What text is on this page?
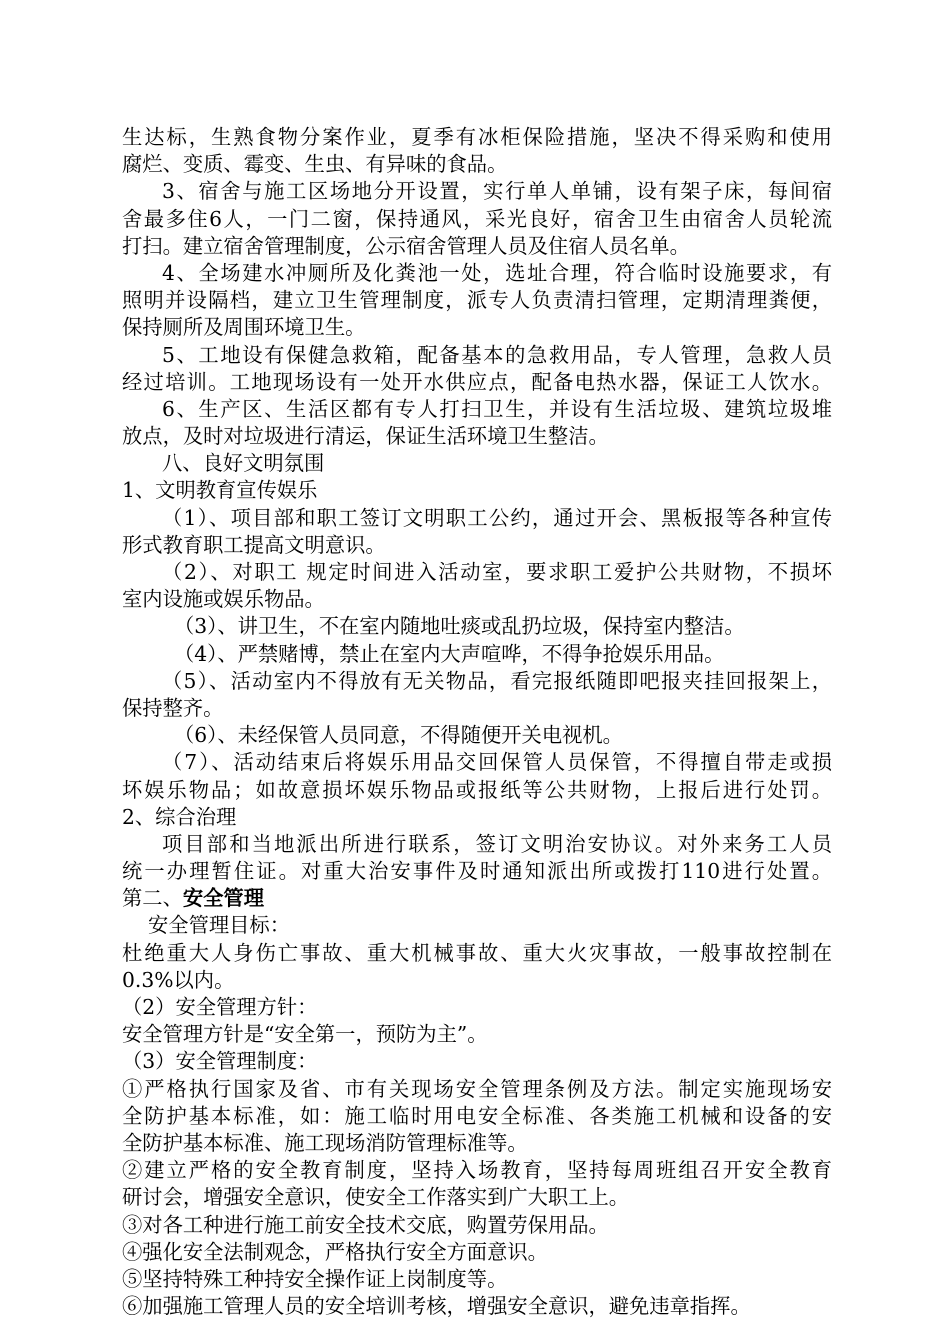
生达标，生熟食物分案作业，夏季有冰柜保险措施，坚决不得采购和使用
腐烂、变质、霉变、生虫、有异味的食品。
3、宿舍与施工区场地分开设置，实行单人单铺，设有架子床，每间宿
舍最多住6人，一门二窗，保持通风，采光良好，宿舍卫生由宿舍人员轮流
打扫。建立宿舍管理制度，公示宿舍管理人员及住宿人员名单。
4、全场建水冲厕所及化粪池一处，选址合理，符合临时设施要求，有
照明并设隔档，建立卫生管理制度，派专人负责清扫管理，定期清理粪便，
保持厕所及周围环境卫生。
5、工地设有保健急救箱，配备基本的急救用品，专人管理，急救人员
经过培训。工地现场设有一处开水供应点，配备电热水器，保证工人饮水。
6、生产区、生活区都有专人打扫卫生，并设有生活垃圾、建筑垃圾堆
放点，及时对垃圾进行清运，保证生活环境卫生整洁。
八、良好文明氛围
1、文明教育宣传娱乐
（1）、项目部和职工签订文明职工公约，通过开会、黑板报等各种宣传
形式教育职工提高文明意识。
（2）、对职工 规定时间进入活动室，要求职工爱护公共财物，不损坏
室内设施或娱乐物品。
（3）、讲卫生，不在室内随地吐痰或乱扔垃圾，保持室内整洁。
（4）、严禁赌博，禁止在室内大声喧哗，不得争抢娱乐用品。
（5）、活动室内不得放有无关物品，看完报纸随即吧报夹挂回报架上，
保持整齐。
（6）、未经保管人员同意，不得随便开关电视机。
（7）、活动结束后将娱乐用品交回保管人员保管，不得擅自带走或损
坏娱乐物品；如故意损坏娱乐物品或报纸等公共财物，上报后进行处罚。
2、综合治理
项目部和当地派出所进行联系，签订文明治安协议。对外来务工人员
统一办理暂住证。对重大治安事件及时通知派出所或拨打110进行处置。
第二、安全管理
安全管理目标：
杜绝重大人身伤亡事故、重大机械事故、重大火灾事故，一般事故控制在
0.3%以内。
（2）安全管理方针：
安全管理方针是“安全第一，预防为主”。
（3）安全管理制度：
①严格执行国家及省、市有关现场安全管理条例及方法。制定实施现场安
全防护基本标准，如：施工临时用电安全标准、各类施工机械和设备的安
全防护基本标准、施工现场消防管理标准等。
②建立严格的安全教育制度，坚持入场教育，坚持每周班组召开安全教育
研讨会，增强安全意识，使安全工作落实到广大职工上。
③对各工种进行施工前安全技术交底，购置劳保用品。
④强化安全法制观念，严格执行安全方面意识。
⑤坚持特殊工种持安全操作证上岗制度等。
⑥加强施工管理人员的安全培训考核，增强安全意识，避免违章指挥。
